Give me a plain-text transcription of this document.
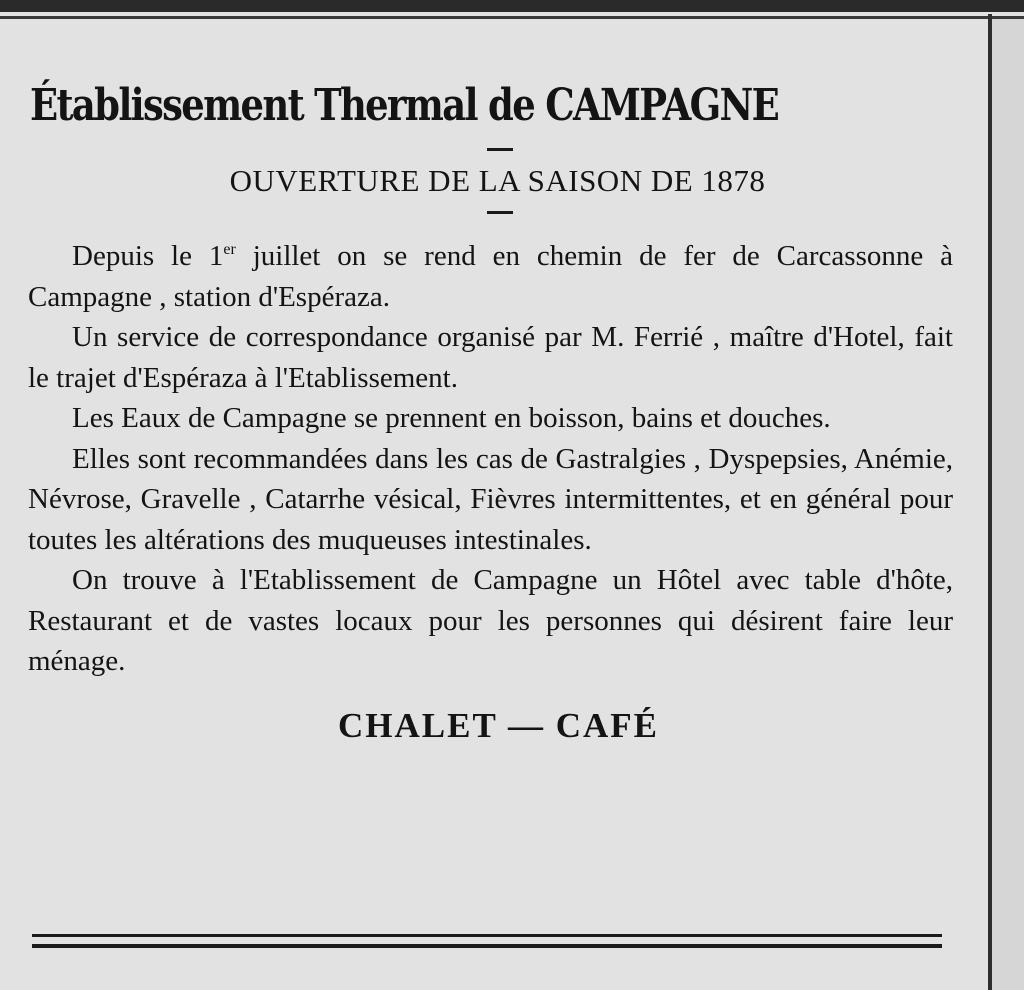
Établissement Thermal de CAMPAGNE
OUVERTURE DE LA SAISON DE 1878

Depuis le 1er juillet on se rend en chemin de fer de Carcassonne à Campagne , station d'Espéraza.

Un service de correspondance organisé par M. Ferrié , maître d'Hotel, fait le trajet d'Espéraza à l'Etablissement.

Les Eaux de Campagne se prennent en boisson, bains et douches.

Elles sont recommandées dans les cas de Gastralgies , Dyspepsies, Anémie, Névrose, Gravelle , Catarrhe vésical, Fièvres intermittentes, et en général pour toutes les altérations des muqueuses intestinales.

On trouve à l'Etablissement de Campagne un Hôtel avec table d'hôte, Restaurant et de vastes locaux pour les personnes qui désirent faire leur ménage.

CHALET — CAFÉ
